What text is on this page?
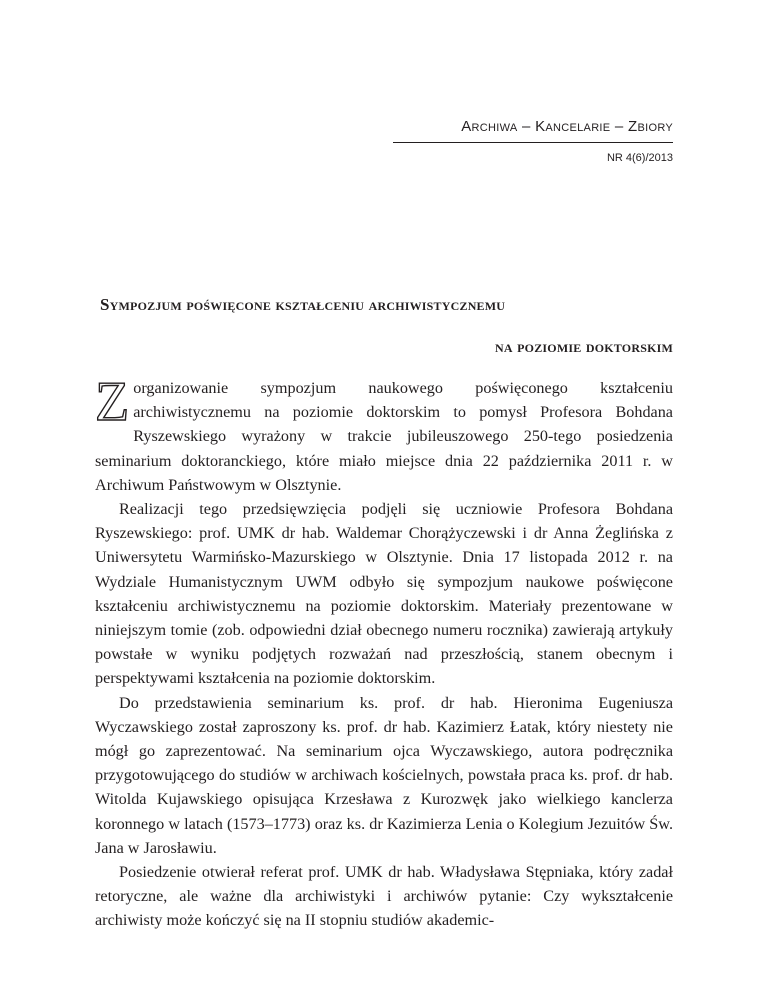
Archiwa – Kancelarie – Zbiory
NR 4(6)/2013
Sympozjum poświęcone kształceniu archiwistycznemu
na poziomie doktorskim

Zorganizowanie sympozjum naukowego poświęconego kształceniu archiwistycznemu na poziomie doktorskim to pomysł Profesora Bohdana Ryszewskiego wyrażony w trakcie jubileuszowego 250-tego posiedzenia seminarium doktoranckiego, które miało miejsce dnia 22 października 2011 r. w Archiwum Państwowym w Olsztynie.

Realizacji tego przedsięwzięcia podjęli się uczniowie Profesora Bohdana Ryszewskiego: prof. UMK dr hab. Waldemar Chorążyczewski i dr Anna Żeglińska z Uniwersytetu Warmińsko-Mazurskiego w Olsztynie. Dnia 17 listopada 2012 r. na Wydziale Humanistycznym UWM odbyło się sympozjum naukowe poświęcone kształceniu archiwistycznemu na poziomie doktorskim. Materiały prezentowane w niniejszym tomie (zob. odpowiedni dział obecnego numeru rocznika) zawierają artykuły powstałe w wyniku podjętych rozważań nad przeszłością, stanem obecnym i perspektywami kształcenia na poziomie doktorskim.

Do przedstawienia seminarium ks. prof. dr hab. Hieronima Eugeniusza Wyczawskiego został zaproszony ks. prof. dr hab. Kazimierz Łatak, który niestety nie mógł go zaprezentować. Na seminarium ojca Wyczawskiego, autora podręcznika przygotowującego do studiów w archiwach kościelnych, powstała praca ks. prof. dr hab. Witolda Kujawskiego opisująca Krzesława z Kurozwęk jako wielkiego kanclerza koronnego w latach (1573–1773) oraz ks. dr Kazimierza Lenia o Kolegium Jezuitów Św. Jana w Jarosławiu.

Posiedzenie otwierał referat prof. UMK dr hab. Władysława Stępniaka, który zadał retoryczne, ale ważne dla archiwistyki i archiwów pytanie: Czy wykształcenie archiwisty może kończyć się na II stopniu studiów akademic-
